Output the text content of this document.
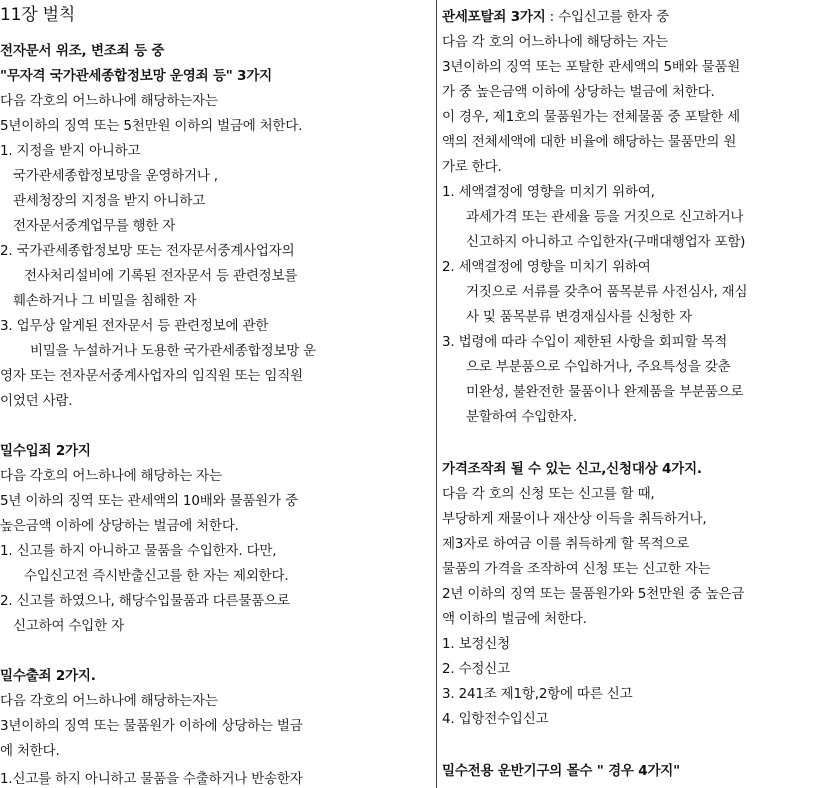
11장 벌칙
전자문서 위조, 변조죄 등 중
"무자격 국가관세종합정보망 운영죄 등" 3가지
다음 각호의 어느하나에 해당하는자는
5년이하의 징역 또는 5천만원 이하의 벌금에 처한다.
1. 지정을 받지 아니하고
국가관세종합정보망을 운영하거나 ,
관세청장의 지정을 받지 아니하고
전자문서중계업무를 행한 자
2. 국가관세종합정보망 또는 전자문서중계사업자의
전사처리설비에 기록된 전자문서 등 관련정보를
훼손하거나 그 비밀을 침해한 자
3. 업무상 알게된 전자문서 등 관련정보에 관한
비밀을 누설하거나 도용한 국가관세종합정보망 운
영자 또는 전자문서중계사업자의 임직원 또는 임직원
이었던 사람.
밀수입죄 2가지
다음 각호의 어느하나에 해당하는 자는
5년 이하의 징역 또는 관세액의 10배와 물품원가 중
높은금액 이하에 상당하는 벌금에 처한다.
1. 신고를 하지 아니하고 물품을 수입한자. 다만,
수입신고전 즉시반출신고를 한 자는 제외한다.
2. 신고를 하였으나, 해당수입물품과 다른물품으로
신고하여 수입한 자
밀수출죄 2가지.
다음 각호의 어느하나에 해당하는자는
3년이하의 징역 또는 물품원가 이하에 상당하는 벌금
에 처한다.
1.신고를 하지 아니하고 물품을 수출하거나 반송한자
관세포탈죄 3가지 : 수입신고를 한자 중
다음 각 호의 어느하나에 해당하는 자는
3년이하의 징역 또는 포탈한 관세액의 5배와 물품원
가 중 높은금액 이하에 상당하는 벌금에 처한다.
이 경우, 제1호의 물품원가는 전체물품 중 포탈한 세
액의 전체세액에 대한 비율에 해당하는 물품만의 원
가로 한다.
1. 세액결정에 영향을 미치기 위하여,
과세가격 또는 관세율 등을 거짓으로 신고하거나
신고하지 아니하고 수입한자(구매대행업자 포함)
2. 세액결정에 영향을 미치기 위하여
거짓으로 서류를 갖추어 품목분류 사전심사, 재심
사 및 품목분류 변경재심사를 신청한 자
3. 법령에 따라 수입이 제한된 사항을 회피할 목적
으로 부분품으로 수입하거나, 주요특성을 갖춘
미완성, 불완전한 물품이나 완제품을 부분품으로
분할하여 수입한자.
가격조작죄 될 수 있는 신고,신청대상 4가지.
다음 각 호의 신청 또는 신고를 할 때,
부당하게 재물이나 재산상 이득을 취득하거나,
제3자로 하여금 이를 취득하게 할 목적으로
물품의 가격을 조작하여 신청 또는 신고한 자는
2년 이하의 징역 또는 물품원가와 5천만원 중 높은금
액 이하의 벌금에 처한다.
1. 보정신청
2. 수정신고
3. 241조 제1항,2항에 따른 신고
4. 입항전수입신고
밀수전용 운반기구의 몰수 " 경우 4가지"
